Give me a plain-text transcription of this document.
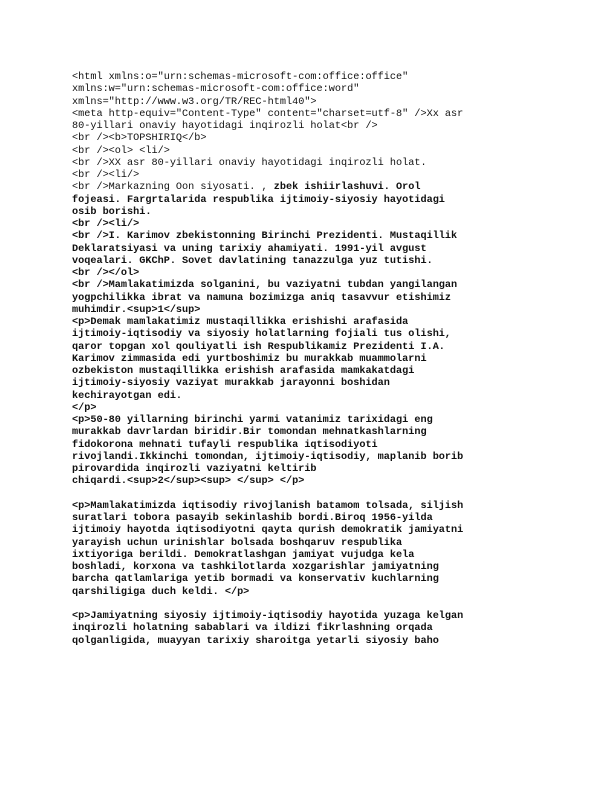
<html xmlns:o="urn:schemas-microsoft-com:office:office"
xmlns:w="urn:schemas-microsoft-com:office:word"
xmlns="http://www.w3.org/TR/REC-html40">
<meta http-equiv="Content-Type" content="charset=utf-8" />Xx asr
80-yillari onaviy hayotidagi inqirozli holat<br />
<br /><b>TOPSHIRIQ</b>
<br /><ol> <li/>
<br />XX asr 80-yillari onaviy hayotidagi inqirozli holat.
<br /><li/>
<br />Markazning Oon siyosati. , zbek ishiirlashuvi. Orol
fojeasi. Fargrtalarida respublika ijtimoiy-siyosiy hayotidagi
osib borishi.
<br /><li/>
<br />I. Karimov zbekistonning Birinchi Prezidenti. Mustaqillik
Deklaratsiyasi va uning tarixiy ahamiyati. 1991-yil avgust
voqealari. GKChP. Sovet davlatining tanazzulga yuz tutishi.
<br /></ol>
<br />Mamlakatimizda solganini, bu vaziyatni tubdan yangilangan
yogpchilikka ibrat va namuna bozimizga aniq tasavvur etishimiz
muhimdir.<sup>1</sup>
<p>Demak mamlakatimiz mustaqillikka erishishi arafasida
ijtimoiy-iqtisodiy va siyosiy holatlarning fojiali tus olishi,
qaror topgan xol qouliyatli ish Respublikamiz Prezidenti I.A.
Karimov zimmasida edi yurtboshimiz bu murakkab muammolarni
ozbekiston mustaqillikka erishish arafasida mamkakatdagi
ijtimoiy-siyosiy vaziyat murakkab jarayonni boshidan
kechirayotgan edi.
</p>
<p>50-80 yillarning birinchi yarmi vatanimiz tarixidagi eng
murakkab davrlardan biridir.Bir tomondan mehnatkashlarning
fidokorona mehnati tufayli respublika iqtisodiyoti
rivojlandi.Ikkinchi tomondan, ijtimoiy-iqtisodiy, maplanib borib
pirovardida inqirozli vaziyatni keltirib
chiqardi.<sup>2</sup><sup> </sup> </p>
<p>Mamlakatimizda iqtisodiy rivojlanish batamom tolsada, siljish
suratlari tobora pasayib sekinlashib bordi.Biroq 1956-yilda
ijtimoiy hayotda iqtisodiyotni qayta qurish demokratik jamiyatni
yarayish uchun urinishlar bolsada boshqaruv respublika
ixtiyoriga berildi. Demokratlashgan jamiyat vujudga kela
boshladi, korxona va tashkilotlarda xozgarishlar jamiyatning
barcha qatlamlariga yetib bormadi va konservativ kuchlarning
qarshiligiga duch keldi. </p>
<p>Jamiyatning siyosiy ijtimoiy-iqtisodiy hayotida yuzaga kelgan
inqirozli holatning sabablari va ildizi fikrlashning orqada
qolganligida, muayyan tarixiy sharoitga yetarli siyosiy baho
